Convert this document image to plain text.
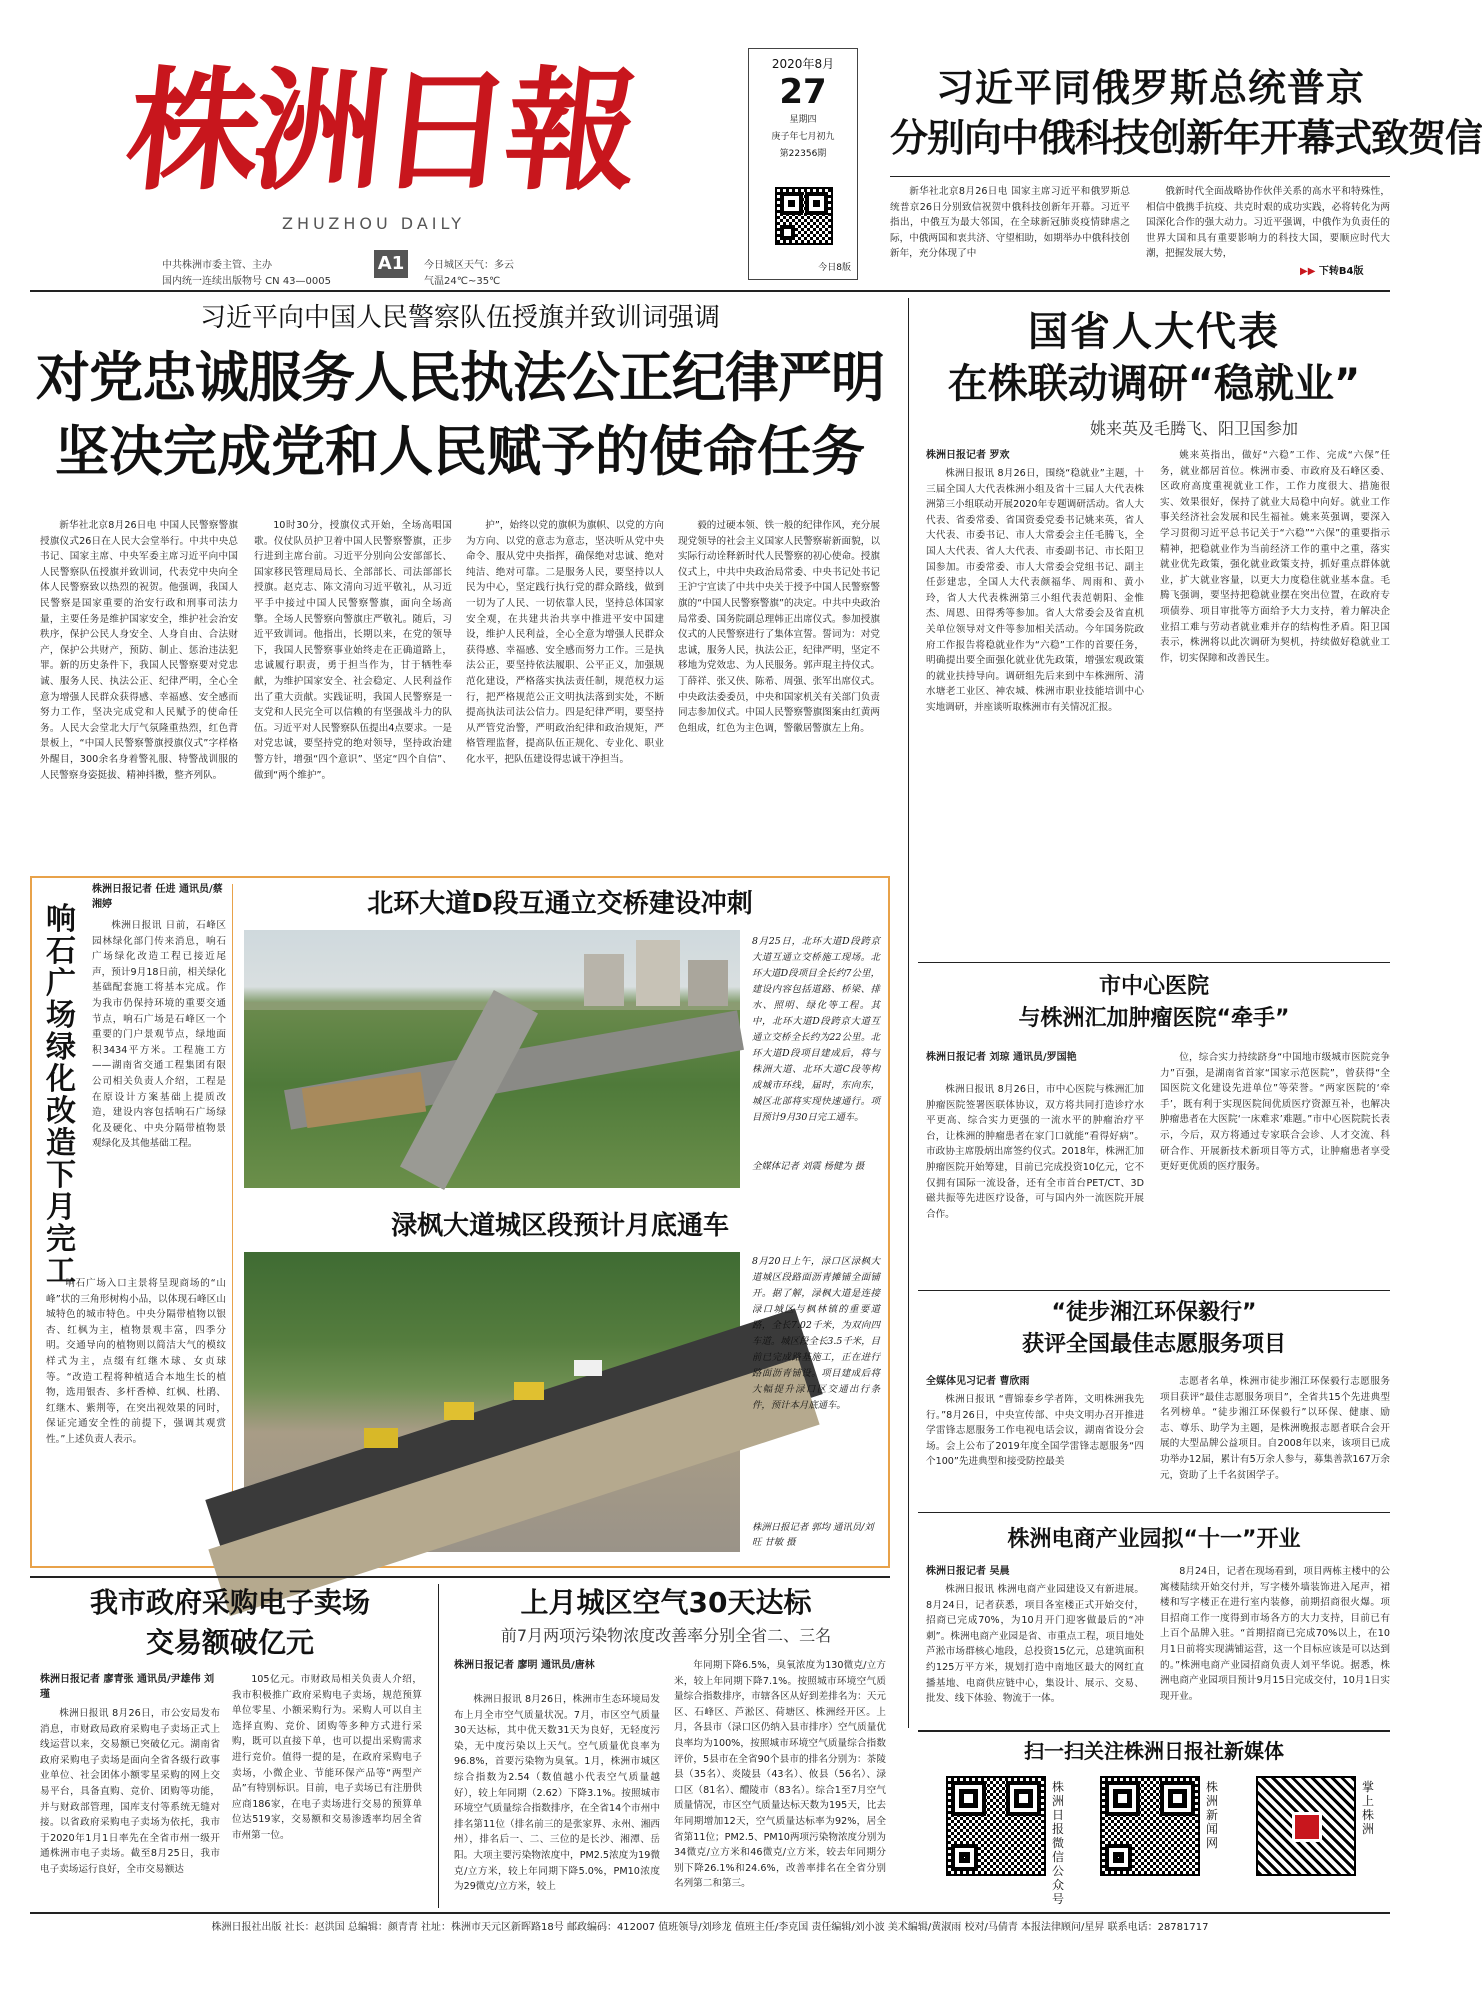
株洲日報
ZHUZHOU DAILY
中共株洲市委主管、主办
国内统一连续出版物号 CN 43—0005
A1	今日城区天气：多云
气温24℃~35℃
2020年8月
27
星期四
庚子年七月初九
第22356期
今日8版
习近平同俄罗斯总统普京
分别向中俄科技创新年开幕式致贺信

新华社北京8月26日电 国家主席习近平和俄罗斯总统普京26日分别致信祝贺中俄科技创新年开幕。习近平指出，中俄互为最大邻国，在全球新冠肺炎疫情肆虐之际，中俄两国和衷共济、守望相助，如期举办中俄科技创新年，充分体现了中

俄新时代全面战略协作伙伴关系的高水平和特殊性，相信中俄携手抗疫、共克时艰的成功实践，必将转化为两国深化合作的强大动力。习近平强调，中俄作为负责任的世界大国和具有重要影响力的科技大国，要顺应时代大潮，把握发展大势，

▶▶ 下转B4版
习近平向中国人民警察队伍授旗并致训词强调
对党忠诚服务人民执法公正纪律严明
坚决完成党和人民赋予的使命任务

新华社北京8月26日电 中国人民警察警旗授旗仪式26日在人民大会堂举行。中共中央总书记、国家主席、中央军委主席习近平向中国人民警察队伍授旗并致训词，代表党中央向全体人民警察致以热烈的祝贺。他强调，我国人民警察是国家重要的治安行政和刑事司法力量，主要任务是维护国家安全，维护社会治安秩序，保护公民人身安全、人身自由、合法财产，保护公共财产，预防、制止、惩治违法犯罪。新的历史条件下，我国人民警察要对党忠诚、服务人民、执法公正、纪律严明，全心全意为增强人民群众获得感、幸福感、安全感而努力工作，坚决完成党和人民赋予的使命任务。人民大会堂北大厅气氛隆重热烈，红色背景板上，“中国人民警察警旗授旗仪式”字样格外醒目，300余名身着警礼服、特警战训服的人民警察身姿挺拔、精神抖擞，整齐列队。

10时30分，授旗仪式开始，全场高唱国歌。仪仗队员护卫着中国人民警察警旗，正步行进到主席台前。习近平分别向公安部部长、国家移民管理局局长、全部部长、司法部部长授旗。赵克志、陈文清向习近平敬礼，从习近平手中接过中国人民警察警旗，面向全场高擎。全场人民警察向警旗庄严敬礼。随后，习近平致训词。他指出，长期以来，在党的领导下，我国人民警察事业始终走在正确道路上，忠诚履行职责，勇于担当作为，甘于牺牲奉献，为维护国家安全、社会稳定、人民利益作出了重大贡献。实践证明，我国人民警察是一支党和人民完全可以信赖的有坚强战斗力的队伍。习近平对人民警察队伍提出4点要求。一是对党忠诚，要坚持党的绝对领导，坚持政治建警方针，增强“四个意识”、坚定“四个自信”、做到“两个维护”。

护”，始终以党的旗帜为旗帜、以党的方向为方向、以党的意志为意志，坚决听从党中央命令、服从党中央指挥，确保绝对忠诚、绝对纯洁、绝对可靠。二是服务人民，要坚持以人民为中心，坚定践行执行党的群众路线，做到一切为了人民、一切依靠人民，坚持总体国家安全观，在共建共治共享中推进平安中国建设，维护人民利益，全心全意为增强人民群众获得感、幸福感、安全感而努力工作。三是执法公正，要坚持依法履职、公平正义，加强规范化建设，严格落实执法责任制，规范权力运行，把严格规范公正文明执法落到实处，不断提高执法司法公信力。四是纪律严明，要坚持从严管党治警，严明政治纪律和政治规矩，严格管理监督，提高队伍正规化、专业化、职业化水平，把队伍建设得忠诚干净担当。

毅的过硬本领、铁一般的纪律作风，充分展现党领导的社会主义国家人民警察崭新面貌，以实际行动诠释新时代人民警察的初心使命。授旗仪式上，中共中央政治局常委、中央书记处书记王沪宁宣读了中共中央关于授予中国人民警察警旗的“中国人民警察警旗”的决定。中共中央政治局常委、国务院副总理韩正出席仪式。参加授旗仪式的人民警察进行了集体宣誓。誓词为：对党忠诚，服务人民，执法公正，纪律严明，坚定不移地为党效忠、为人民服务。郭声琨主持仪式。丁薛祥、张又侠、陈希、周强、张军出席仪式。中央政法委委员，中央和国家机关有关部门负责同志参加仪式。中国人民警察警旗图案由红黄两色组成，红色为主色调，警徽居警旗左上角。

国省人大代表
在株联动调研“稳就业”
姚来英及毛腾飞、阳卫国参加
株洲日报记者 罗欢

株洲日报讯 8月26日，围绕“稳就业”主题，十三届全国人大代表株洲小组及省十三届人大代表株洲第三小组联动开展2020年专题调研活动。省人大代表、省委常委、省国资委党委书记姚来英，省人大代表、市委书记、市人大常委会主任毛腾飞，全国人大代表、省人大代表、市委副书记、市长阳卫国参加。市委常委、市人大常委会党组书记、副主任彭建忠，全国人大代表颜福华、周雨和、黄小玲，省人大代表株洲第三小组代表范朝阳、金惟杰、周恩、田得秀等参加。省人大常委会及省直机关单位领导对文件等参加相关活动。今年国务院政府工作报告将稳就业作为“六稳”工作的首要任务，明确提出要全面强化就业优先政策，增强宏观政策的就业扶持导向。调研组先后来到中车株洲所、清水塘老工业区、神农城、株洲市职业技能培训中心实地调研，并座谈听取株洲市有关情况汇报。

姚来英指出，做好“六稳”工作、完成“六保”任务，就业都居首位。株洲市委、市政府及石峰区委、区政府高度重视就业工作，工作力度很大、措施很实、效果很好，保持了就业大局稳中向好。就业工作事关经济社会发展和民生福祉。姚来英强调，要深入学习贯彻习近平总书记关于“六稳”“六保”的重要指示精神，把稳就业作为当前经济工作的重中之重，落实就业优先政策，强化就业政策支持，抓好重点群体就业，扩大就业容量，以更大力度稳住就业基本盘。毛腾飞强调，要坚持把稳就业摆在突出位置，在政府专项债券、项目审批等方面给予大力支持，着力解决企业招工难与劳动者就业难并存的结构性矛盾。阳卫国表示，株洲将以此次调研为契机，持续做好稳就业工作，切实保障和改善民生。

市中心医院
与株洲汇加肿瘤医院“牵手”
株洲日报记者 刘琼 通讯员/罗国艳

株洲日报讯 8月26日，市中心医院与株洲汇加肿瘤医院签署医联体协议，双方将共同打造诊疗水平更高、综合实力更强的一流水平的肿瘤治疗平台，让株洲的肿瘤患者在家门口就能“看得好病”。市政协主席殷炳出席签约仪式。2018年，株洲汇加肿瘤医院开始筹建，目前已完成投资10亿元，它不仅拥有国际一流设备，还有全市首台PET/CT、3D磁共振等先进医疗设备，可与国内外一流医院开展合作。

位，综合实力持续跻身“中国地市级城市医院竞争力”百强，是湖南省首家“国家示范医院”，曾获得“全国医院文化建设先进单位”等荣誉。“两家医院的‘牵手’，既有利于实现医院间优质医疗资源互补，也解决肿瘤患者在大医院‘一床难求’难题。”市中心医院院长表示，今后，双方将通过专家联合会诊、人才交流、科研合作、开展新技术新项目等方式，让肿瘤患者享受更好更优质的医疗服务。

“徒步湘江环保毅行”
获评全国最佳志愿服务项目
全媒体见习记者 曹欣雨

株洲日报讯 “曹锦泰乡学者阵，文明株洲我先行。”8月26日，中央宣传部、中央文明办召开推进学雷锋志愿服务工作电视电话会议，湖南省设分会场。会上公布了2019年度全国学雷锋志愿服务“四个100”先进典型和接受防控最美

志愿者名单，株洲市徒步湘江环保毅行志愿服务项目获评“最佳志愿服务项目”，全省共15个先进典型名列榜单。“徒步湘江环保毅行”以环保、健康、励志、尊乐、助学为主题，是株洲晚报志愿者联合会开展的大型品牌公益项目。自2008年以来，该项目已成功举办12届，累计有5万余人参与，募集善款167万余元，资助了上千名贫困学子。

株洲电商产业园拟“十一”开业
株洲日报记者 吴晨

株洲日报讯 株洲电商产业园建设又有新进展。8月24日，记者获悉，项目各室楼正式开始交付，招商已完成70%，为10月开门迎客做最后的“冲刺”。株洲电商产业园是省、市重点工程，项目地处芦淞市场群核心地段，总投资15亿元，总建筑面积约125万平方米，规划打造中南地区最大的网红直播基地、电商供应链中心，集设计、展示、交易、批发、线下体验、物流于一体。

8月24日，记者在现场看到，项目两栋主楼中的公寓楼陆续开始交付并，写字楼外墙装饰进入尾声，裙楼和写字楼正在进行室内装修，前期招商很火爆。项目招商工作一度得到市场各方的大力支持，目前已有上百个品牌入驻。“首期招商已完成70%以上，在10月1日前将实现满铺运营，这一个目标应该是可以达到的。”株洲电商产业园招商负责人刘平华说。据悉，株洲电商产业园项目预计9月15日完成交付，10月1日实现开业。

扫一扫关注株洲日报社新媒体
株洲日报微信公众号
株洲新闻网
掌上株洲
响石广场绿化改造下月完工
株洲日报记者 任进 通讯员/蔡湘婷

株洲日报讯 日前，石峰区园林绿化部门传来消息，响石广场绿化改造工程已接近尾声，预计9月18日前，相关绿化基础配套施工将基本完成。作为我市仍保持环境的重要交通节点，响石广场是石峰区一个重要的门户景观节点，绿地面积3434平方米。工程施工方——湖南省交通工程集团有限公司相关负责人介绍，工程是在原设计方案基础上提质改造，建设内容包括响石广场绿化及硬化、中央分隔带植物景观绿化及其他基础工程。

响石广场入口主景将呈现商场的“山峰”状的三角形树构小品，以体现石峰区山城特色的城市特色。中央分隔带植物以银杏、红枫为主，植物景观丰富，四季分明。交通导向的植物则以简洁大气的模纹样式为主，点缀有红继木球、女贞球等。“改造工程将种植适合本地生长的植物，选用银杏、多杆香樟、红枫、杜鹃、红继木、紫荆等，在突出视效果的同时，保证完通安全性的前提下，强调其观赏性。”上述负责人表示。

北环大道D段互通立交桥建设冲刺
8月25日，北环大道D段跨京大道互通立交桥施工现场。北环大道D段项目全长约7公里，建设内容包括道路、桥梁、排水、照明、绿化等工程。其中，北环大道D段跨京大道互通立交桥全长约为22公里。北环大道D段项目建成后，将与株洲大道、北环大道C段等构成城市环线，届时，东向东，城区北部将实现快速通行。项目预计9月30日完工通车。
全媒体记者 刘震 杨健为 摄
渌枫大道城区段预计月底通车
8月20日上午，渌口区渌枫大道城区段路面沥青摊铺全面铺开。据了解，渌枫大道是连接渌口城区与枫林镇的重要道路，全长7.02千米，为双向四车道。城区段全长3.5千米，目前已完成路基施工，正在进行路面沥青铺设。项目建成后将大幅提升渌口区交通出行条件，预计本月底通车。
株洲日报记者 郭均 通讯员/刘旺 甘敏 摄
我市政府采购电子卖场
交易额破亿元
株洲日报记者 廖青张 通讯员/尹雄伟 刘瑾

株洲日报讯 8月26日，市公安局发布消息，市财政局政府采购电子卖场正式上线运营以来，交易额已突破亿元。湖南省政府采购电子卖场是面向全省各级行政事业单位、社会团体小额零星采购的网上交易平台，具备直购、竞价、团购等功能，并与财政部管理，国库支付等系统无缝对接。以省政府采购电子卖场为依托，我市于2020年1月1日率先在全省市州一级开通株洲市电子卖场。截至8月25日，我市电子卖场运行良好，全市交易额达

105亿元。市财政局相关负责人介绍，我市积极推广政府采购电子卖场，规范预算单位零星、小额采购行为。采购人可以自主选择直购、竞价、团购等多种方式进行采购，既可以直接下单，也可以提出采购需求进行竞价。值得一提的是，在政府采购电子卖场，小微企业、节能环保产品等“两型产品”有特别标识。目前，电子卖场已有注册供应商186家，在电子卖场进行交易的预算单位达519家，交易额和交易渗透率均居全省市州第一位。

上月城区空气30天达标
前7月两项污染物浓度改善率分别全省二、三名
株洲日报记者 廖明 通讯员/唐林

株洲日报讯 8月26日，株洲市生态环境局发布上月全市空气质量状况。7月，市区空气质量30天达标，其中优天数31天为良好，无轻度污染，无中度污染以上天气。空气质量优良率为96.8%，首要污染物为臭氧。1月，株洲市城区综合指数为2.54（数值越小代表空气质量越好），较上年同期（2.62）下降3.1%。按照城市环境空气质量综合指数排序，在全省14个市州中排名第11位（排名前三的是张家界、永州、湘西州），排名后一、二、三位的是长沙、湘潭、岳阳。大项主要污染物浓度中，PM2.5浓度为19微克/立方米，较上年同期下降5.0%，PM10浓度为29微克/立方米，较上

年同期下降6.5%，臭氧浓度为130微克/立方米，较上年同期下降7.1%。按照城市环境空气质量综合指数排序，市辖各区从好到差排名为：天元区、石峰区、芦淞区、荷塘区、株洲经开区。上月，各县市（渌口区仍纳入县市排序）空气质量优良率均为100%，按照城市环境空气质量综合指数评价，5县市在全省90个县市的排名分别为：茶陵县（35名）、炎陵县（43名）、攸县（56名）、渌口区（81名）、醴陵市（83名）。综合1至7月空气质量情况，市区空气质量达标天数为195天，比去年同期增加12天，空气质量达标率为92%，居全省第11位；PM2.5、PM10两项污染物浓度分别为34微克/立方米和46微克/立方米，较去年同期分别下降26.1%和24.6%，改善率排名在全省分别名列第二和第三。

株洲日报社出版 社长：赵洪国 总编辑：颜青青 社址：株洲市天元区新晖路18号 邮政编码：412007 值班领导/刘珍龙 值班主任/李克国 责任编辑/刘小波 美术编辑/黄淑雨 校对/马倩青 本报法律顾问/星昇 联系电话：28781717
